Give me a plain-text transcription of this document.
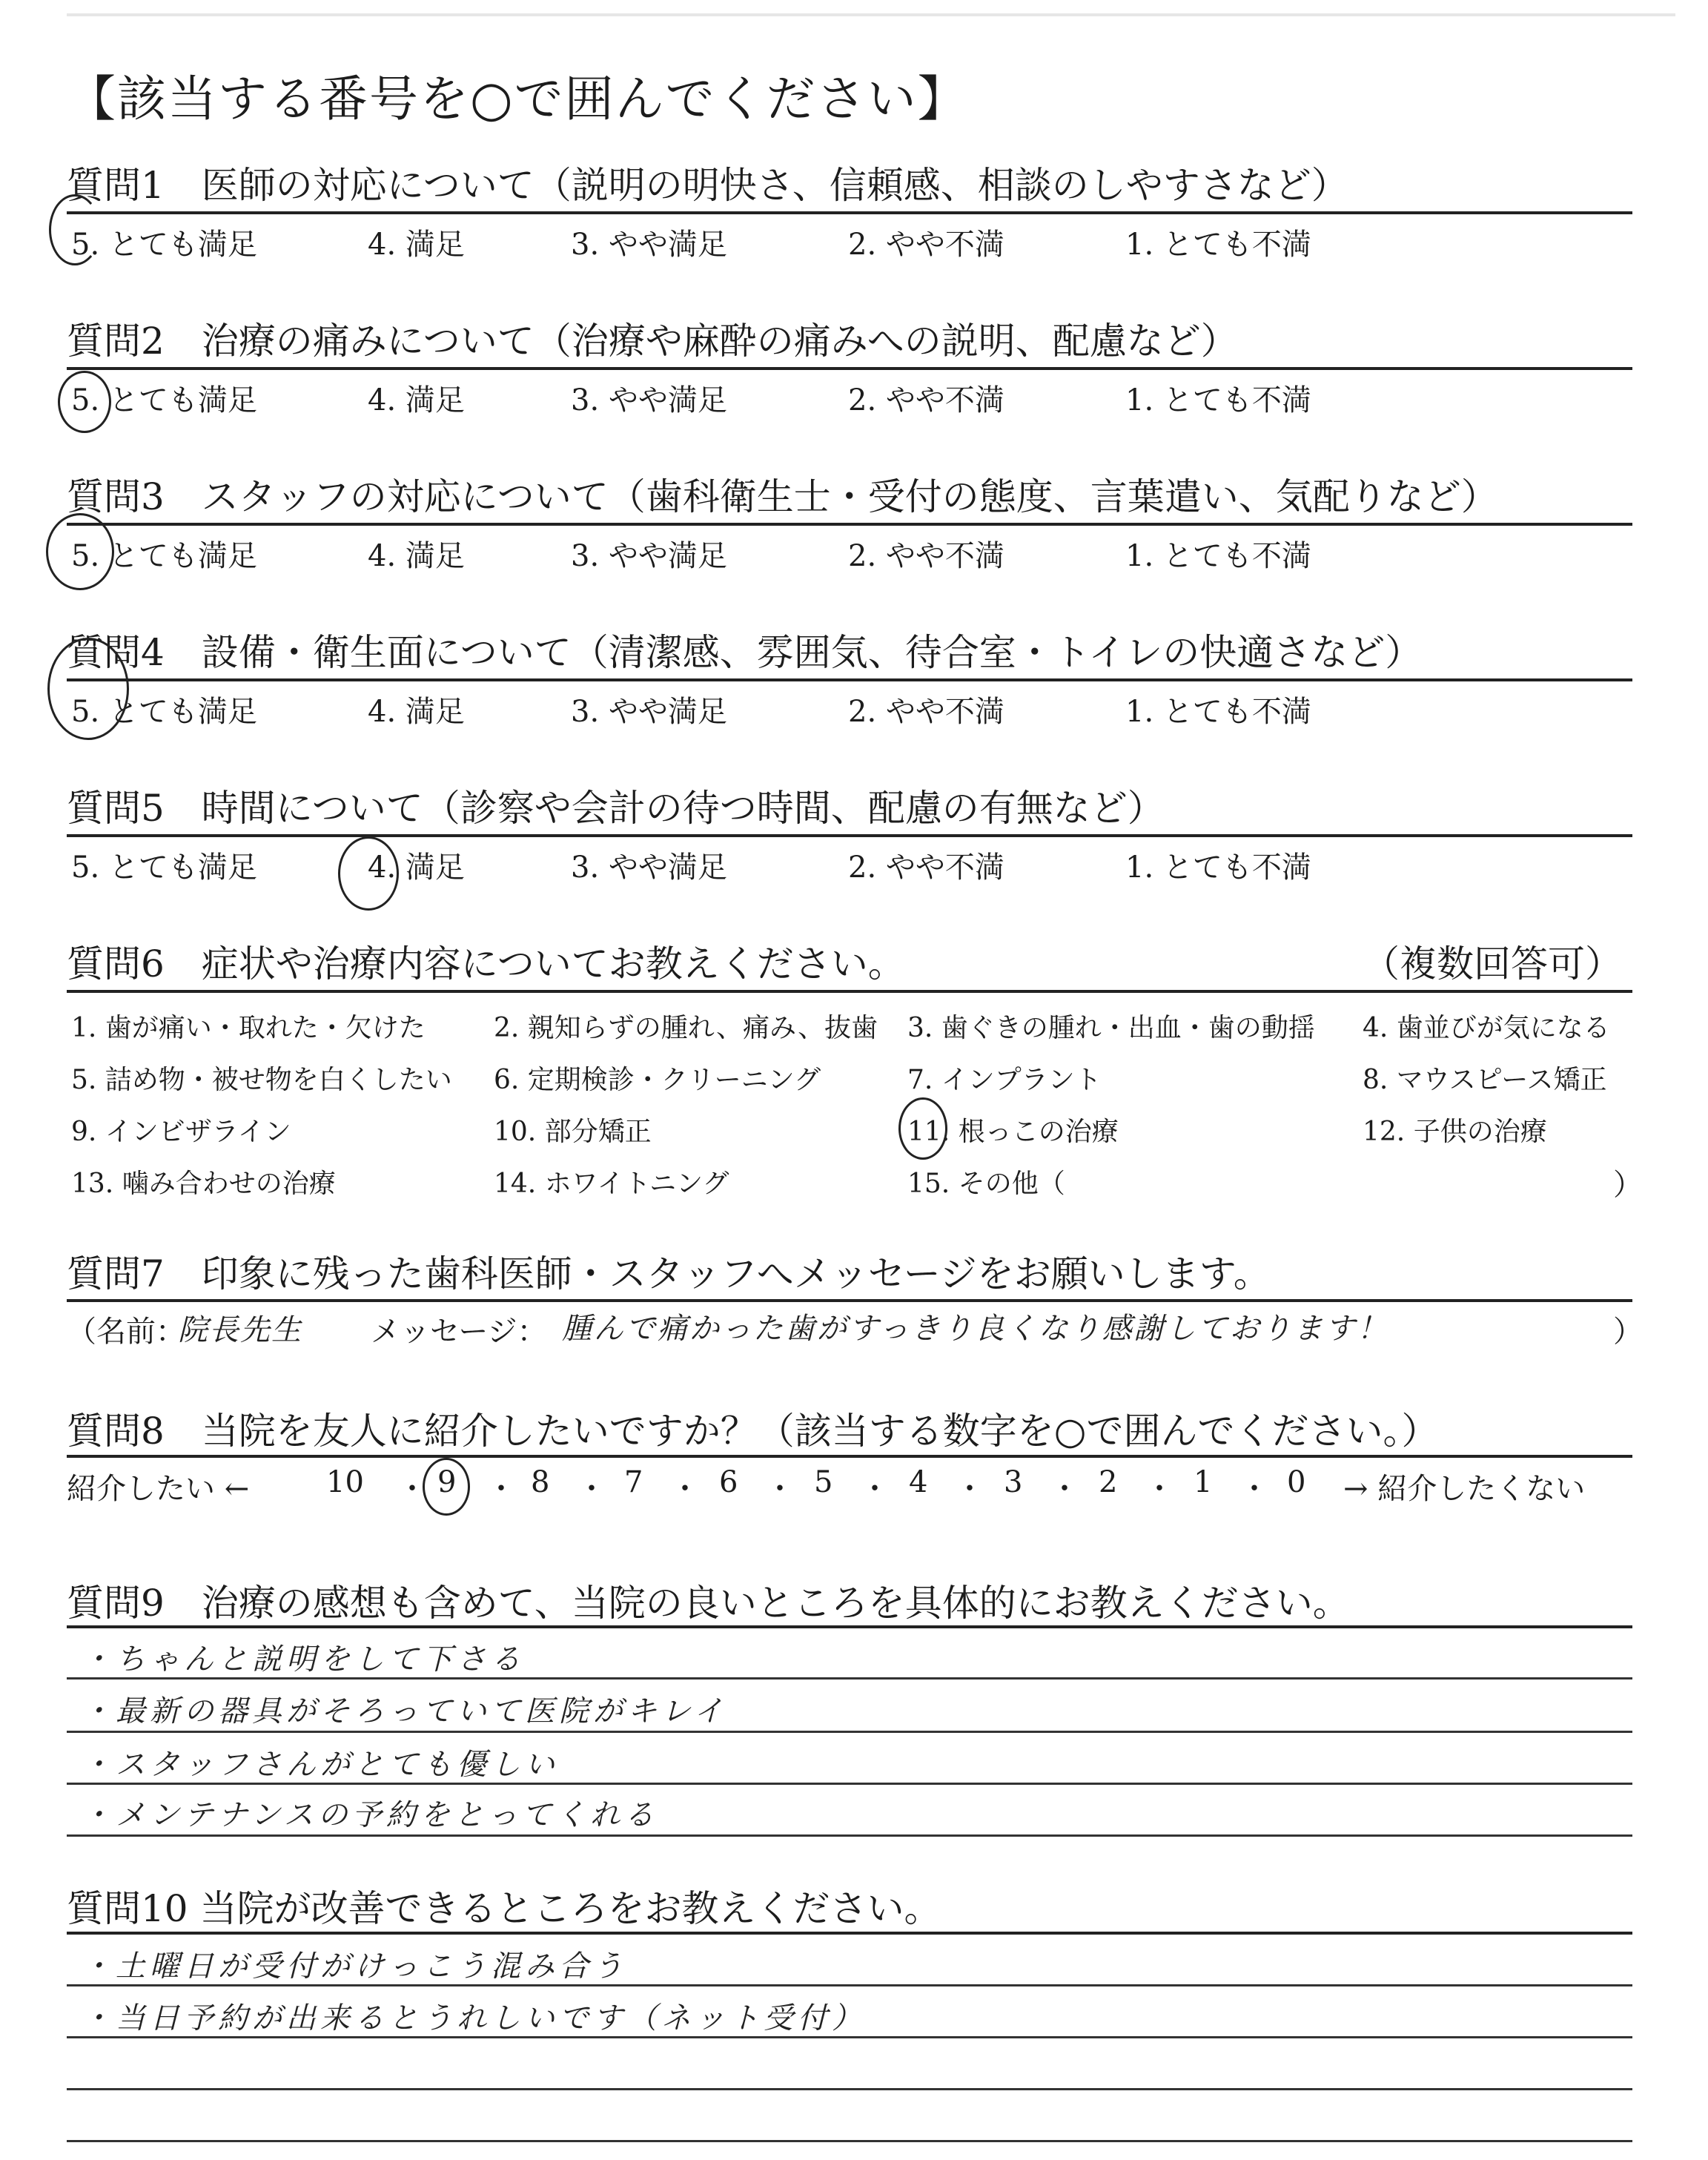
【該当する番号を○で囲んでください】
質問1　医師の対応について（説明の明快さ、信頼感、相談のしやすさなど）
5. とても満足	4. 満足	3. やや満足	2. やや不満	1. とても不満
質問2　治療の痛みについて（治療や麻酔の痛みへの説明、配慮など）
5. とても満足	4. 満足	3. やや満足	2. やや不満	1. とても不満
質問3　スタッフの対応について（歯科衛生士・受付の態度、言葉遣い、気配りなど）
5. とても満足	4. 満足	3. やや満足	2. やや不満	1. とても不満
質問4　設備・衛生面について（清潔感、雰囲気、待合室・トイレの快適さなど）
5. とても満足	4. 満足	3. やや満足	2. やや不満	1. とても不満
質問5　時間について（診察や会計の待つ時間、配慮の有無など）
5. とても満足	4. 満足	3. やや満足	2. やや不満	1. とても不満
質問6　症状や治療内容についてお教えください。	（複数回答可）
1. 歯が痛い・取れた・欠けた	2. 親知らずの腫れ、痛み、抜歯 3. 歯ぐきの腫れ・出血・歯の動揺 4. 歯並びが気になる
5. 詰め物・被せ物を白くしたい 6. 定期検診・クリーニング	7. インプラント	8. マウスピース矯正
9. インビザライン	10. 部分矯正	11. 根っこの治療	12. 子供の治療
13. 噛み合わせの治療	14. ホワイトニング	15. その他（	）
質問7　印象に残った歯科医師・スタッフへメッセージをお願いします。
（名前：
院長先生 メッセージ： 腫んで痛かった歯がすっきり良くなり感謝しております！	）
質問8　当院を友人に紹介したいですか？（該当する数字を○で囲んでください。）
紹介したい ←	10 ・ 9 ・ 8 ・ 7 ・ 6 ・ 5 ・ 4 ・ 3 ・ 2 ・ 1 ・ 0 → 紹介したくない
質問9　治療の感想も含めて、当院の良いところを具体的にお教えください。
・ちゃんと説明をして下さる
・最新の器具がそろっていて医院がキレイ
・スタッフさんがとても優しい
・メンテナンスの予約をとってくれる
質問10 当院が改善できるところをお教えください。
・土曜日が受付がけっこう混み合う
・当日予約が出来るとうれしいです（ネット受付）
